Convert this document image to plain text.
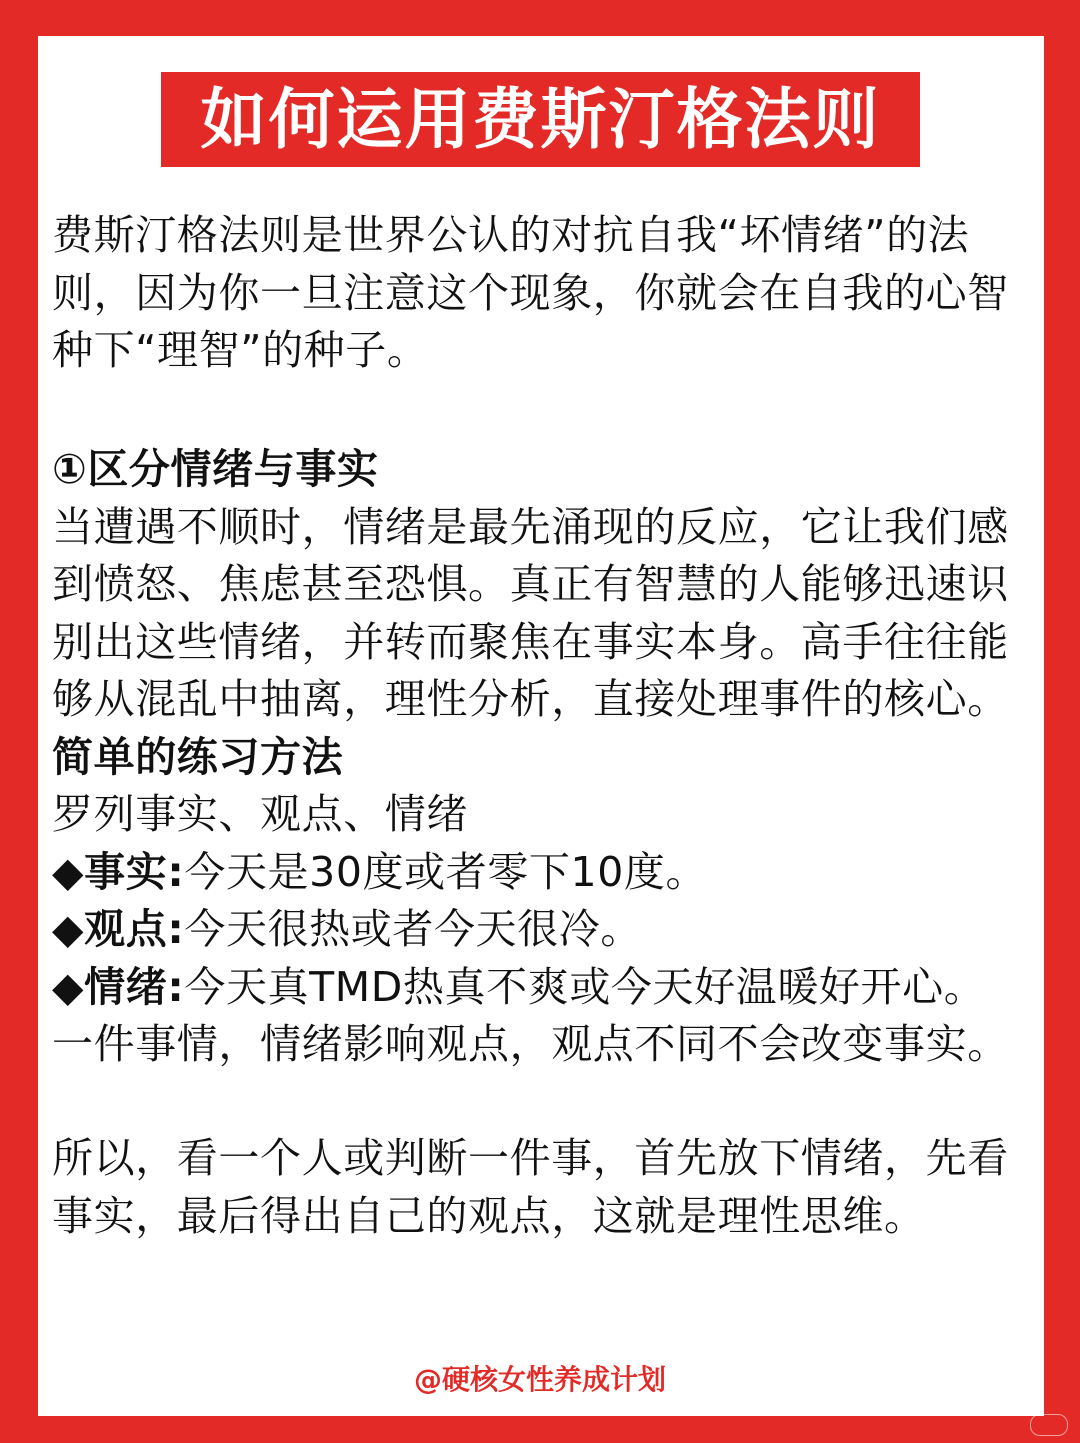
如何运用费斯汀格法则

费斯汀格法则是世界公认的对抗自我“坏情绪”的法则，因为你一旦注意这个现象，你就会在自我的心智种下“理智”的种子。

①区分情绪与事实

当遭遇不顺时，情绪是最先涌现的反应，它让我们感到愤怒、焦虑甚至恐惧。真正有智慧的人能够迅速识别出这些情绪，并转而聚焦在事实本身。高手往往能够从混乱中抽离，理性分析，直接处理事件的核心。

简单的练习方法

罗列事实、观点、情绪

◆事实:今天是30度或者零下10度。

◆观点:今天很热或者今天很冷。

◆情绪:今天真TMD热真不爽或今天好温暖好开心。

一件事情，情绪影响观点，观点不同不会改变事实。

所以，看一个人或判断一件事，首先放下情绪，先看事实，最后得出自己的观点，这就是理性思维。

@硬核女性养成计划
